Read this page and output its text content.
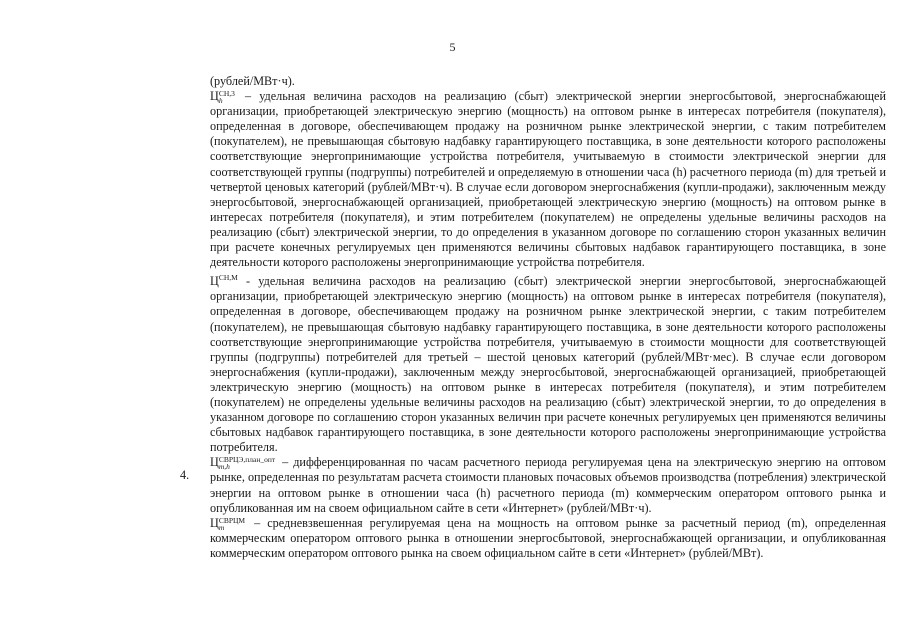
5

(рублей/МВт·ч).

Ц СН,3
h	– удельная величина расходов на реализацию (сбыт) электрической энергии энергосбытовой, энергоснабжающей организации, приобретающей электрическую энергию (мощность) на оптовом рынке в интересах потребителя (покупателя), определенная в договоре, обеспечивающем продажу на розничном рынке электрической энергии, с таким потребителем (покупателем), не превышающая сбытовую надбавку гарантирующего поставщика, в зоне деятельности которого расположены соответствующие энергопринимающие устройства потребителя, учитываемую в стоимости электрической энергии для соответствующей группы (подгруппы) потребителей и определяемую в отношении часа (h) расчетного периода (m) для третьей и четвертой ценовых категорий (рублей/МВт·ч). В случае если договором энергоснабжения (купли-продажи), заключенным между энергосбытовой, энергоснабжающей организацией, приобретающей электрическую энергию (мощность) на оптовом рынке в интересах потребителя (покупателя), и этим потребителем (покупателем) не определены удельные величины расходов на реализацию (сбыт) электрической энергии, то до определения в указанном договоре по соглашению сторон указанных величин при расчете конечных регулируемых цен применяются величины сбытовых надбавок гарантирующего поставщика, в зоне деятельности которого расположены энергопринимающие устройства потребителя.

$Ц^{СН,М}$ - удельная величина расходов на реализацию (сбыт) электрической энергии энергосбытовой, энергоснабжающей организации, приобретающей электрическую энергию (мощность) на оптовом рынке в интересах потребителя (покупателя), определенная в договоре, обеспечивающем продажу на розничном рынке электрической энергии, с таким потребителем (покупателем), не превышающая сбытовую надбавку гарантирующего поставщика, в зоне деятельности которого расположены соответствующие энергопринимающие устройства потребителя, учитываемую в стоимости мощности для соответствующей группы (подгруппы) потребителей для третьей – шестой ценовых категорий (рублей/МВт·мес). В случае если договором энергоснабжения (купли-продажи), заключенным между энергосбытовой, энергоснабжающей организацией, приобретающей электрическую энергию (мощность) на оптовом рынке в интересах потребителя (покупателя), и этим потребителем (покупателем) не определены удельные величины расходов на реализацию (сбыт) электрической энергии, то до определения в указанном договоре по соглашению сторон указанных величин при расчете конечных регулируемых цен применяются величины сбытовых надбавок гарантирующего поставщика, в зоне деятельности которого расположены энергопринимающие устройства потребителя.

Ц СВРЦЭ,план_опт
m,h	– дифференцированная по часам расчетного периода регулируемая цена на электрическую энергию на оптовом рынке, определенная по результатам расчета стоимости плановых почасовых объемов производства (потребления) электрической энергии на оптовом рынке в отношении часа (h) расчетного периода (m) коммерческим оператором оптового рынка и опубликованная им на своем официальном сайте в сети «Интернет» (рублей/МВт·ч).

Ц СВРЦМ
m	– средневзвешенная регулируемая цена на мощность на оптовом рынке за расчетный период (m), определенная коммерческим оператором оптового рынка в отношении энергосбытовой, энергоснабжающей организации, и опубликованная коммерческим оператором оптового рынка на своем официальном сайте в сети «Интернет» (рублей/МВт).

4.
